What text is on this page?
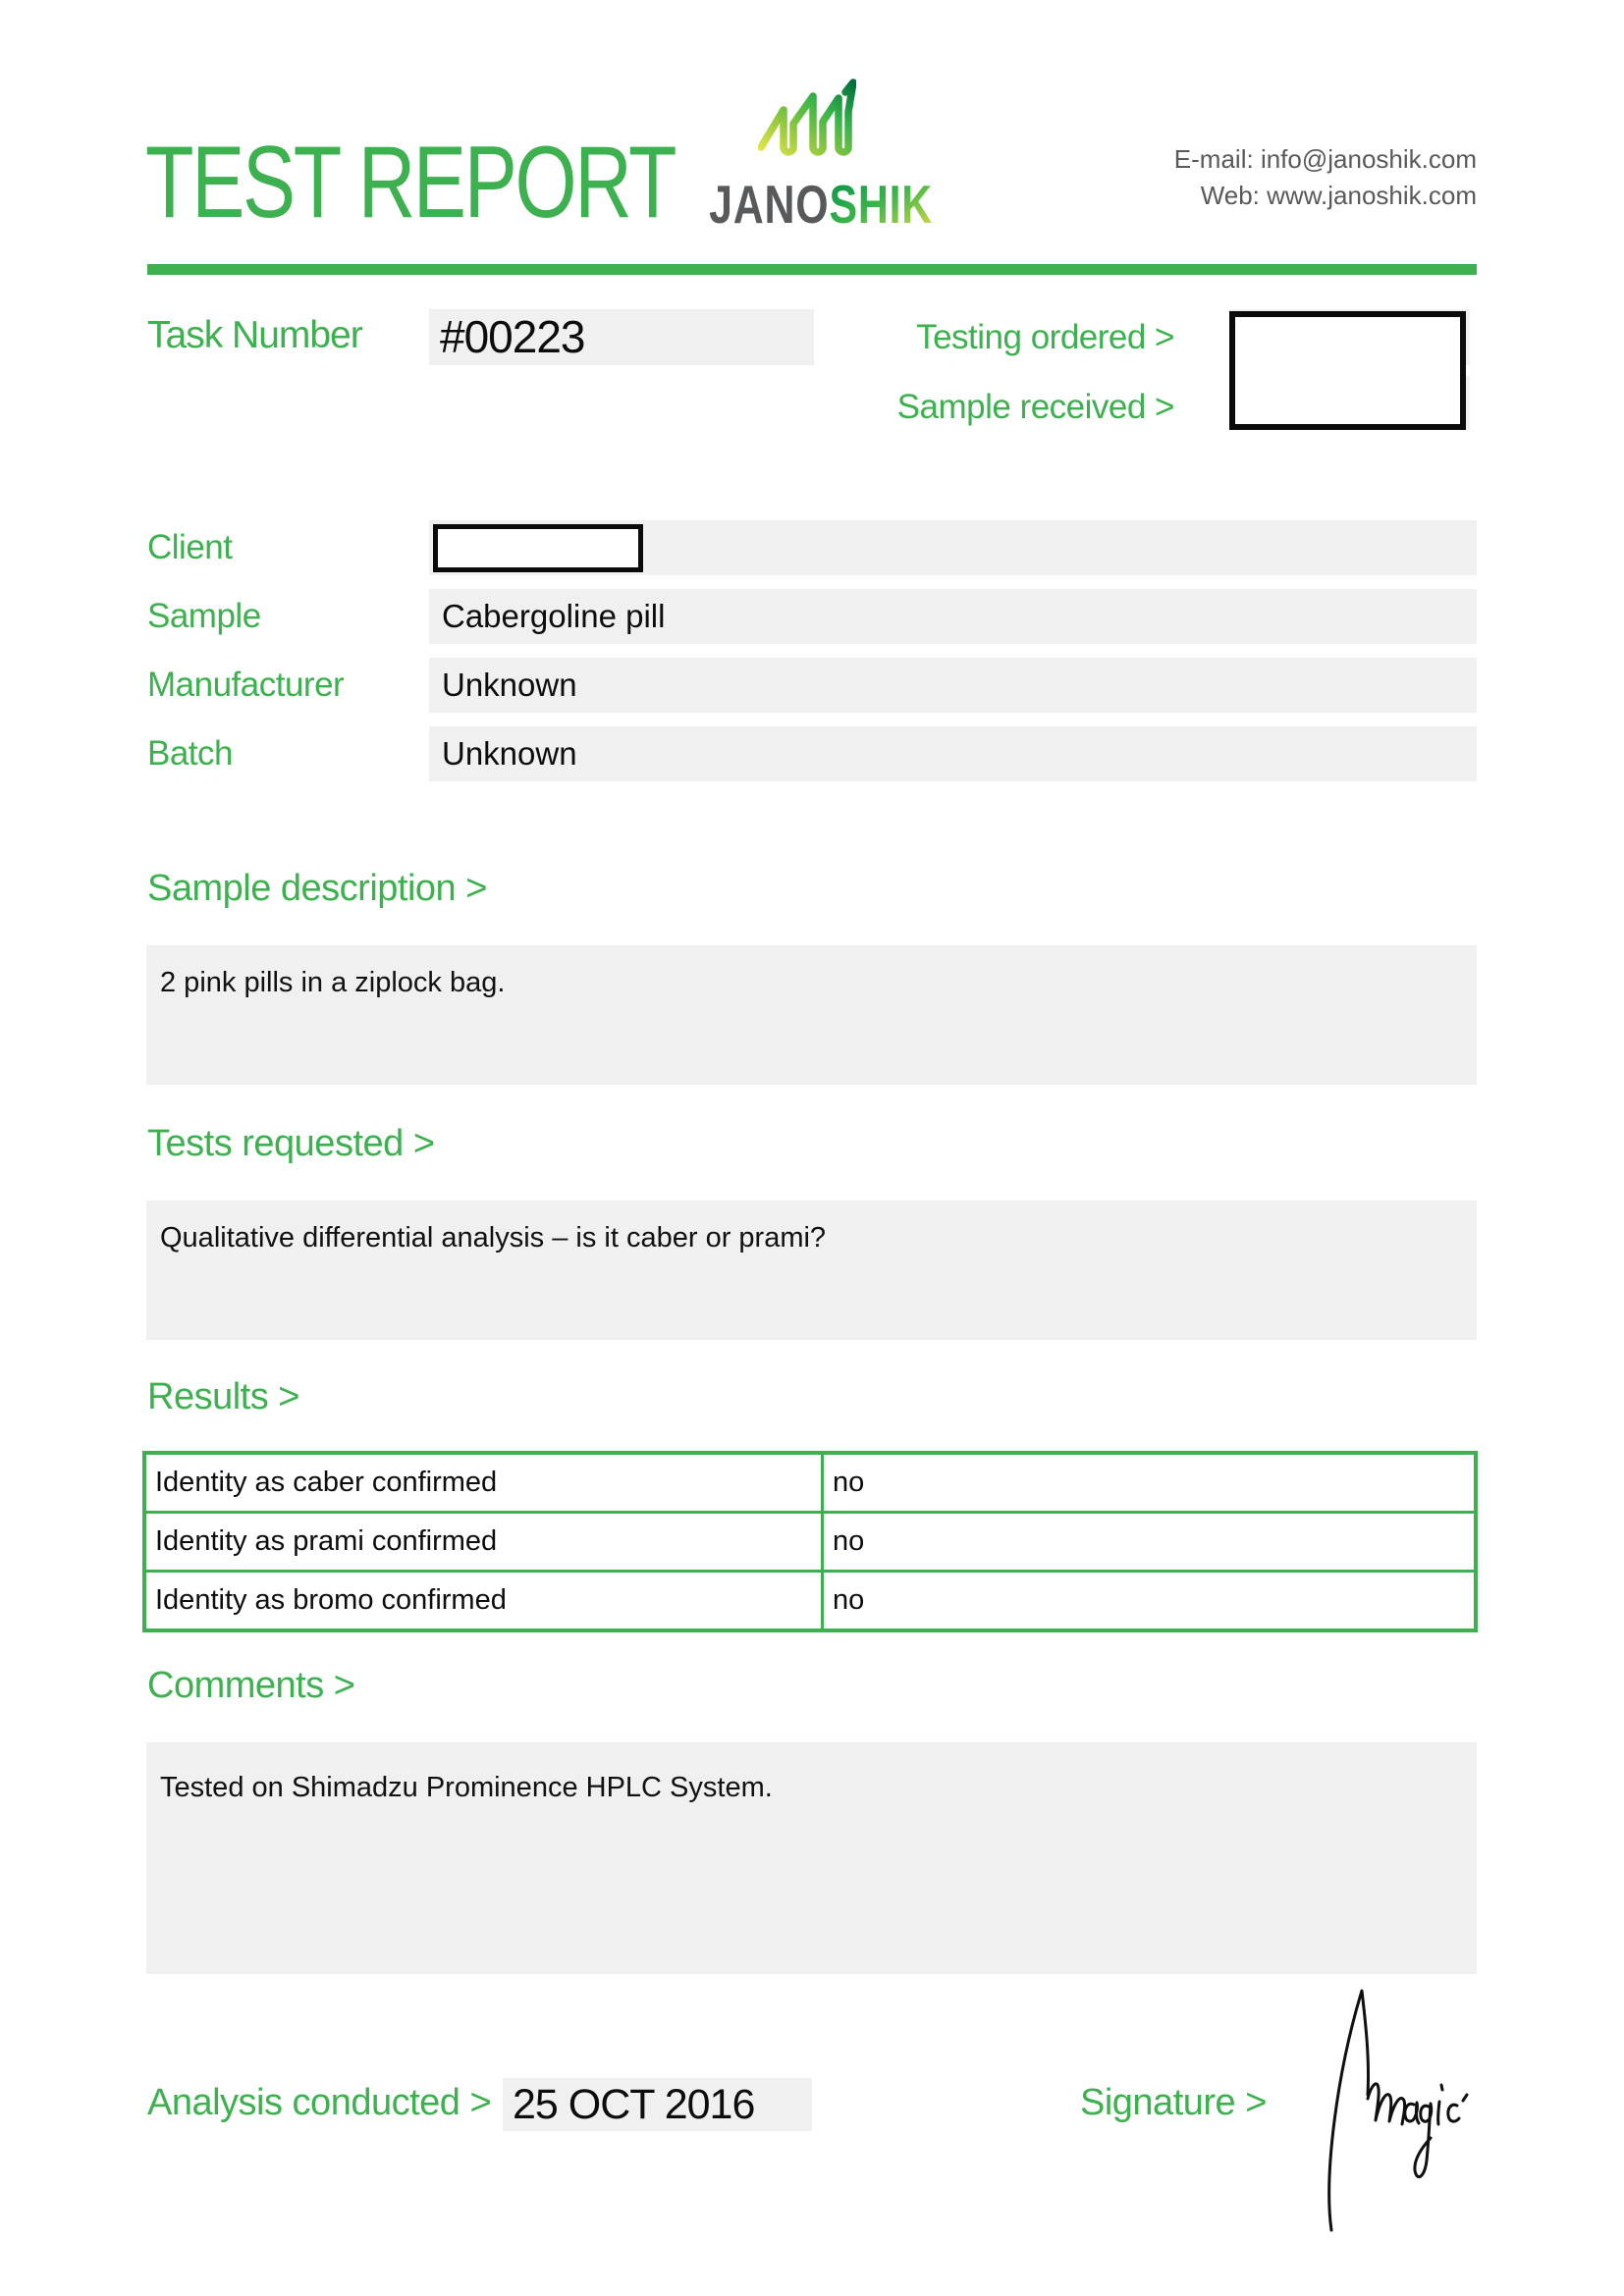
TEST REPORT JANOSHIK
E-mail: info@janoshik.com
Web: www.janoshik.com
Task Number #00223	Testing ordered >
Sample received >
Client
Sample	Cabergoline pill
Manufacturer	Unknown
Batch	Unknown
Sample description >
2 pink pills in a ziplock bag.
Tests requested >
Qualitative differential analysis – is it caber or prami?
Results >
Identity as caber confirmed	no
Identity as prami confirmed	no
Identity as bromo confirmed	no
Comments >
Tested on Shimadzu Prominence HPLC System.
Analysis conducted > 25 OCT 2016	Signature >
